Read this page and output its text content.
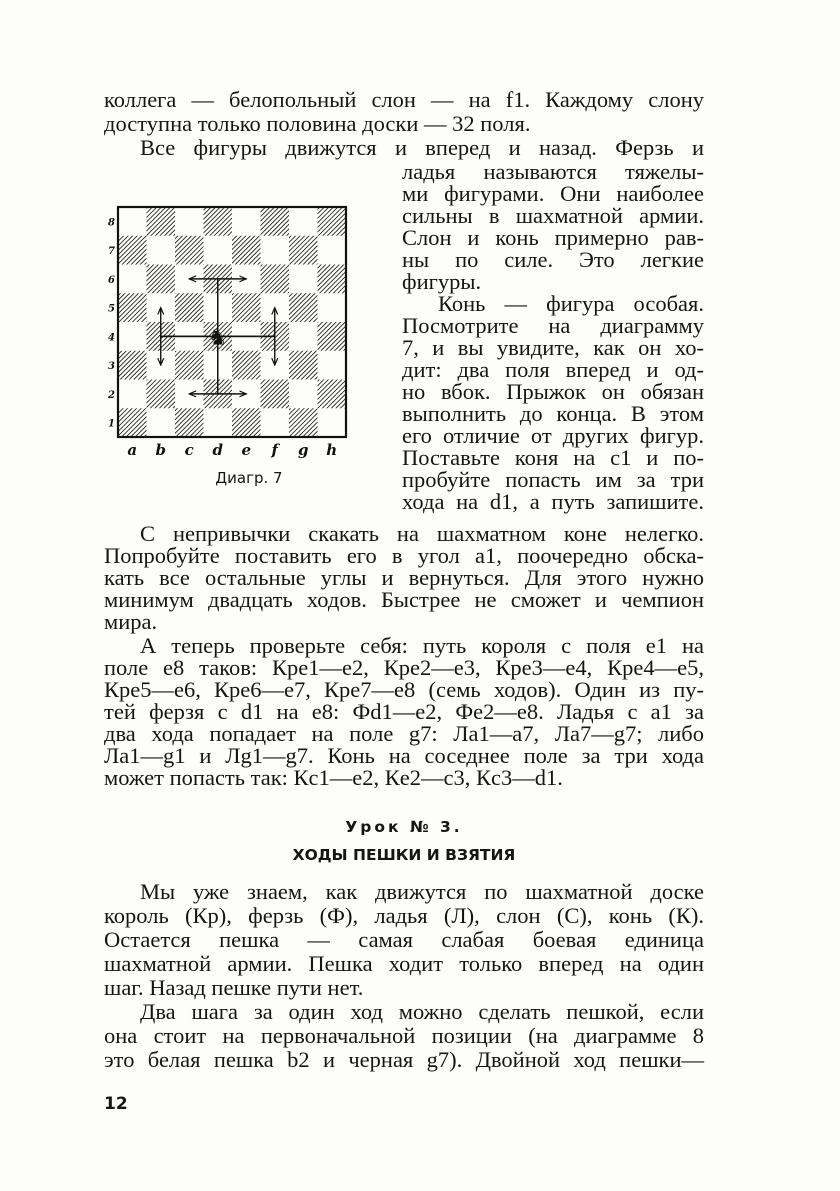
коллега — белопольный слон — на f1. Каждому слону
доступна только половина доски — 32 поля.
Все фигуры движутся и вперед и назад. Ферзь и
ладья называются тяжелы-
ми фигурами. Они наиболее
сильны в шахматной армии.
Слон и конь примерно рав-
ны по силе. Это легкие
фигуры.
Конь — фигура особая.
Посмотрите на диаграмму
7, и вы увидите, как он хо-
дит: два поля вперед и од-
но вбок. Прыжок он обязан
выполнить до конца. В этом
его отличие от других фигур.
Поставьте коня на c1 и по-
пробуйте попасть им за три
хода на d1, а путь запишите.
1
2
3
4
5
6
7
8
a b c d e f g h
♞
Диагр. 7
С непривычки скакать на шахматном коне нелегко.
Попробуйте поставить его в угол a1, поочередно обска-
кать все остальные углы и вернуться. Для этого нужно
минимум двадцать ходов. Быстрее не сможет и чемпион
мира.
А теперь проверьте себя: путь короля с поля e1 на
поле e8 таков: Кpe1—e2, Кpe2—e3, Кpe3—e4, Кpe4—e5,
Кpe5—e6, Кpe6—e7, Кpe7—e8 (семь ходов). Один из пу-
тей ферзя с d1 на e8: Фd1—e2, Фe2—e8. Ладья с a1 за
два хода попадает на поле g7: Лa1—a7, Лa7—g7; либо
Лa1—g1 и Лg1—g7. Конь на соседнее поле за три хода
может попасть так: Кc1—e2, Кe2—c3, Кc3—d1.
Урок № 3.
ХОДЫ ПЕШКИ И ВЗЯТИЯ
Мы уже знаем, как движутся по шахматной доске
король (Кр), ферзь (Ф), ладья (Л), слон (С), конь (К).
Остается пешка — самая слабая боевая единица
шахматной армии. Пешка ходит только вперед на один
шаг. Назад пешке пути нет.
Два шага за один ход можно сделать пешкой, если
она стоит на первоначальной позиции (на диаграмме 8
это белая пешка b2 и черная g7). Двойной ход пешки—
12
